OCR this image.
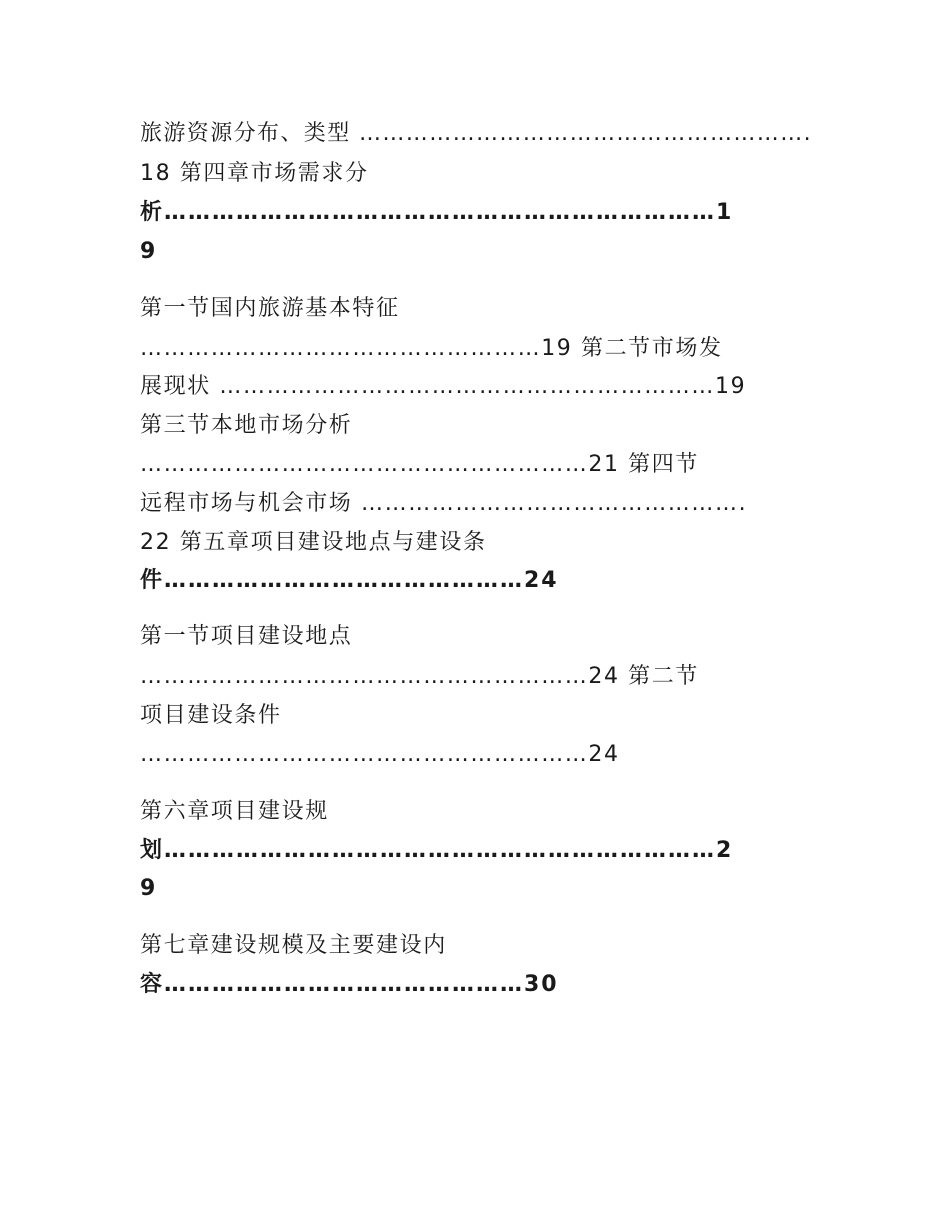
旅游资源分布、类型 ………………………………………………….
18 第四章市场需求分
析……………………………………………………………1
9
第一节国内旅游基本特征
……………………………………………19 第二节市场发
展现状 ………………………………………………………19
第三节本地市场分析
…………………………………………………21 第四节
远程市场与机会市场 ………………………………………….
22 第五章项目建设地点与建设条
件………………………………………24
第一节项目建设地点
…………………………………………………24 第二节
项目建设条件
…………………………………………………24
第六章项目建设规
划……………………………………………………………2
9
第七章建设规模及主要建设内
容………………………………………30
